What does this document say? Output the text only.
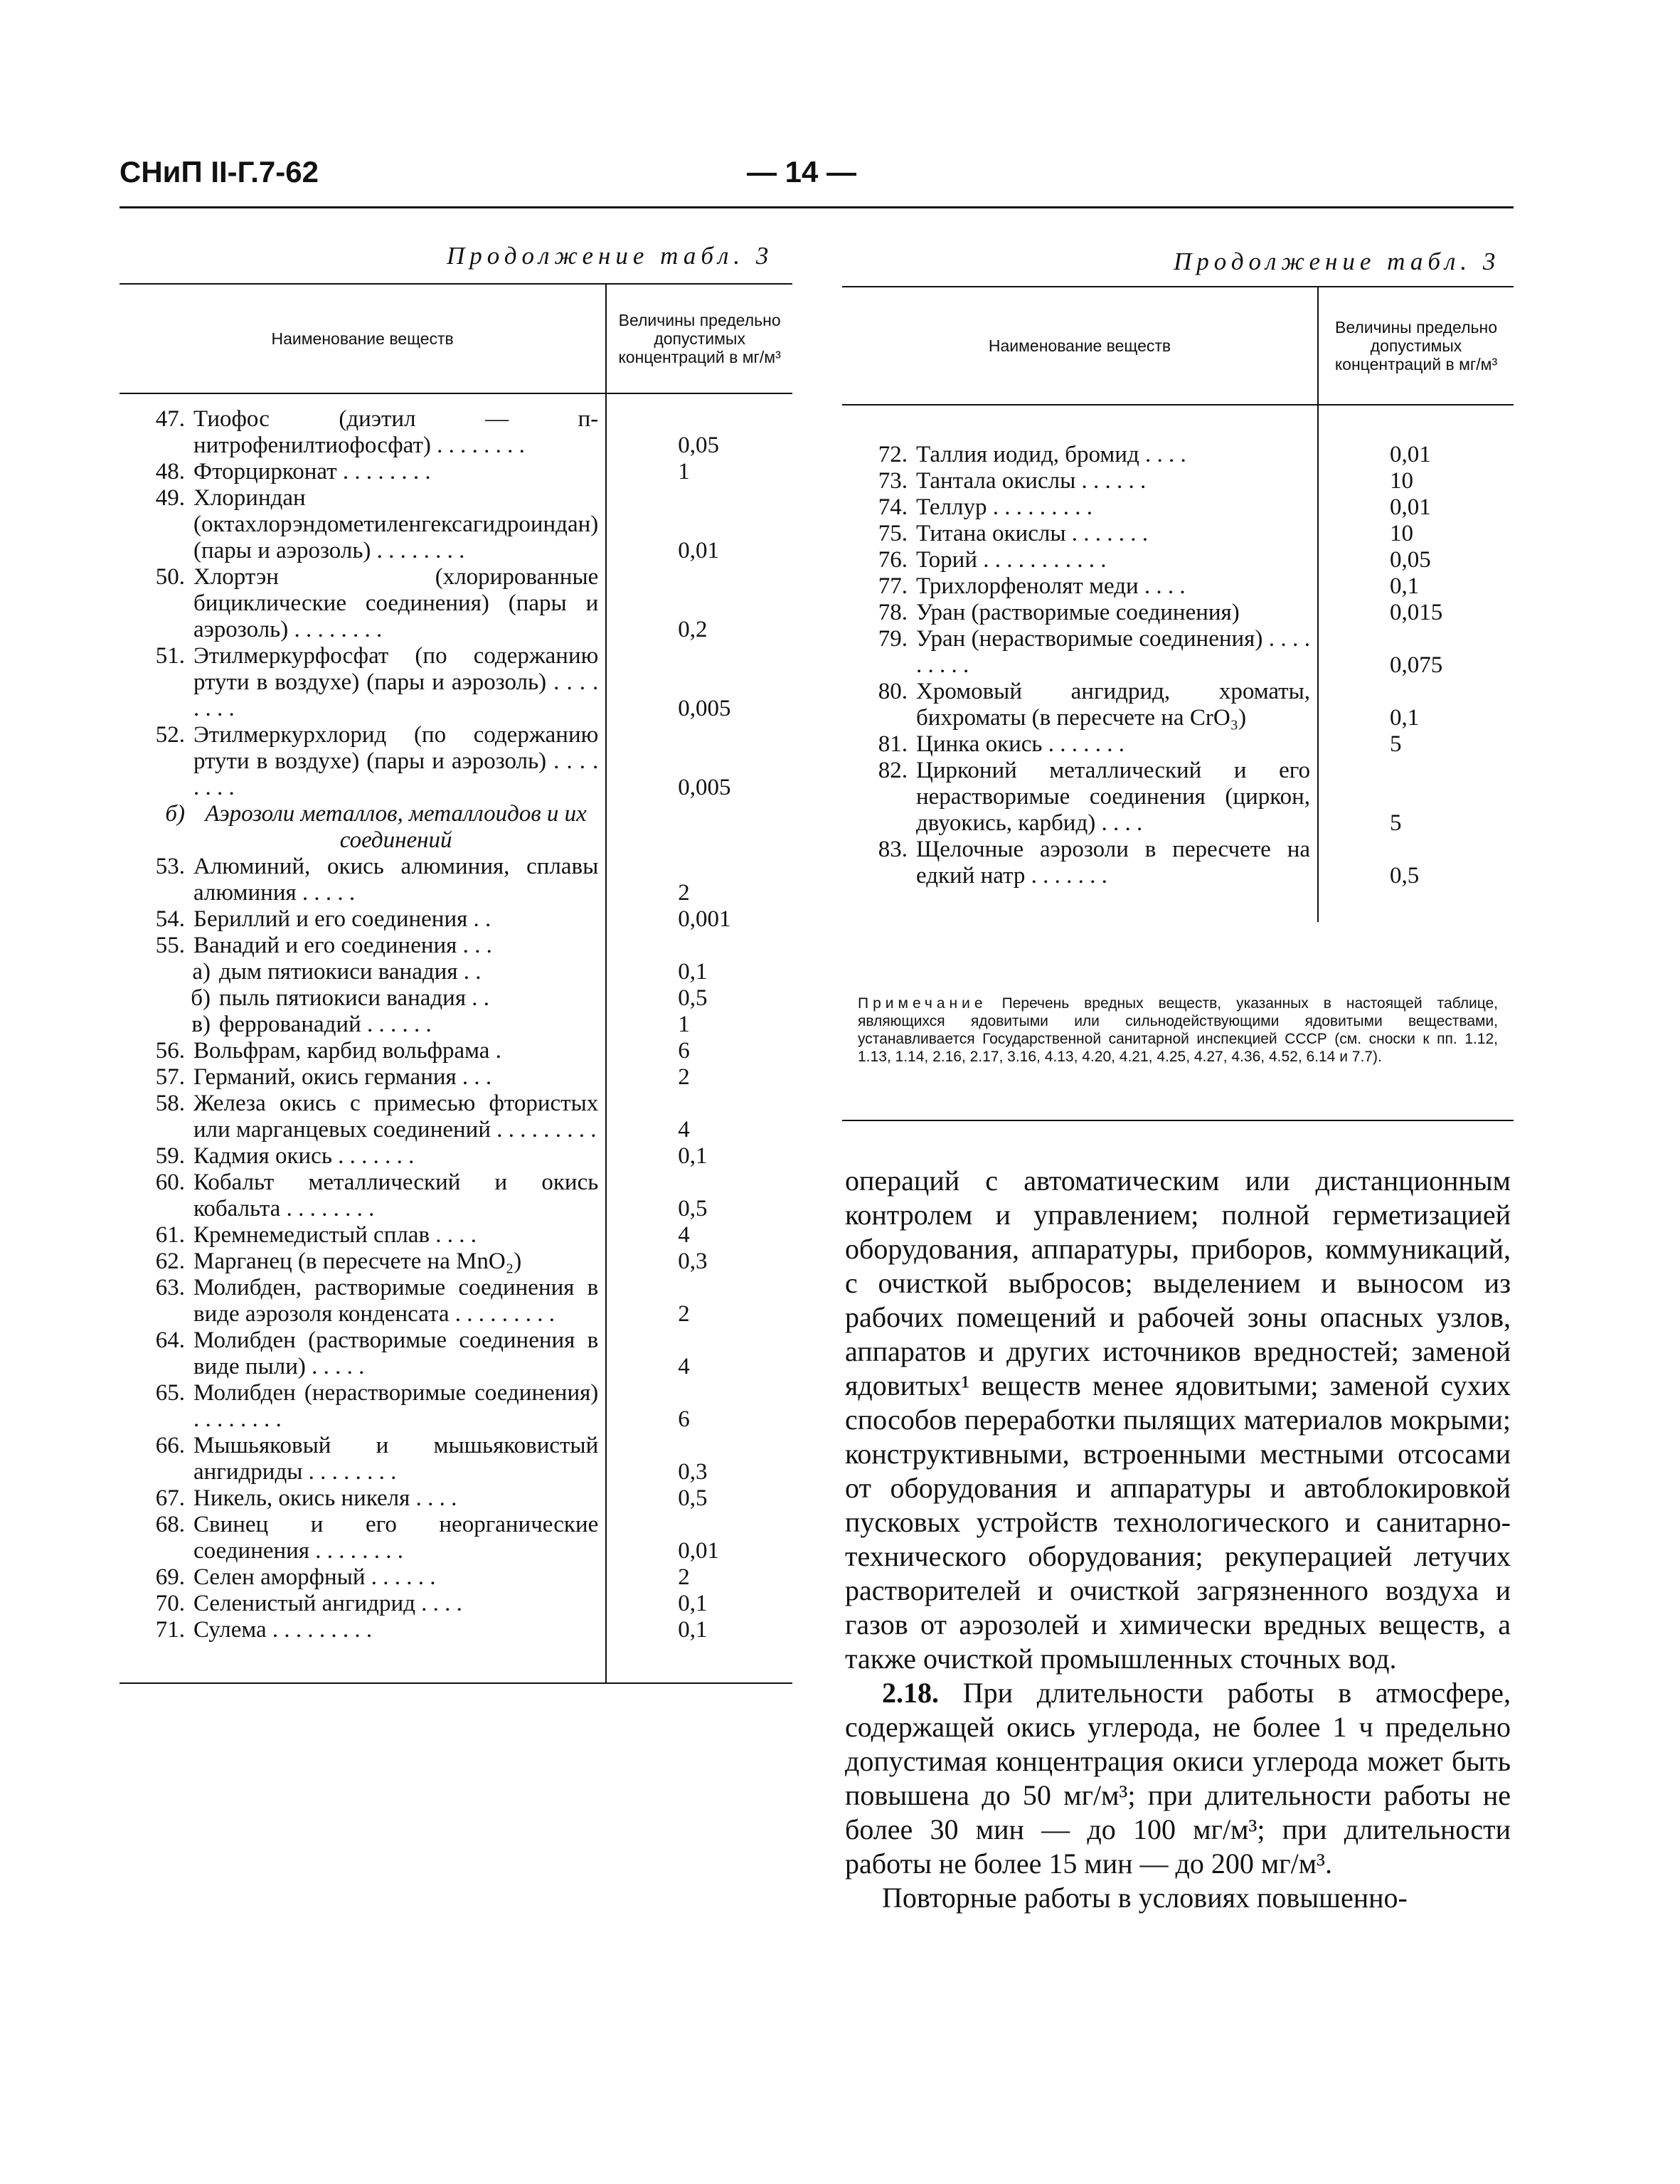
СНиП II-Г.7-62	— 14 —
Продолжение табл. 3	Продолжение табл. 3
Наименование веществ	Величины предельно допустимых концентраций в мг/м³

47. Тиофос (диэтил — п-нитрофенилтиофосфат) . . . . . . . .	0,05

48. Фторцирконат . . . . . . . .	1

49. Хлориндан (октахлорэндометиленгексагидроиндан) (пары и аэрозоль) . . . . . . . .	0,01

50. Хлортэн (хлорированные бициклические соединения) (пары и аэрозоль) . . . . . . . .	0,2

51. Этилмеркурфосфат (по содержанию ртути в воздухе) (пары и аэрозоль) . . . . . . . .	0,005

52. Этилмеркурхлорид (по содержанию ртути в воздухе) (пары и аэрозоль) . . . . . . . .	0,005

б) Аэрозоли металлов, металлоидов и их соединений	

53. Алюминий, окись алюминия, сплавы алюминия . . . . .	2

54. Бериллий и его соединения . .	0,001

55. Ванадий и его соединения . . .	

а) дым пятиокиси ванадия . .	0,1

б) пыль пятиокиси ванадия . .	0,5

в) феррованадий . . . . . .	1

56. Вольфрам, карбид вольфрама .	6

57. Германий, окись германия . . .	2

58. Железа окись с примесью фтористых или марганцевых соединений . . . . . . . . .	4

59. Кадмия окись . . . . . . .	0,1

60. Кобальт металлический и окись кобальта . . . . . . . .	0,5

61. Кремнемедистый сплав . . . .	4

62. Марганец (в пересчете на MnO₂)	0,3

63. Молибден, растворимые соединения в виде аэрозоля конденсата . . . . . . . . .	2

64. Молибден (растворимые соединения в виде пыли) . . . . .	4

65. Молибден (нерастворимые соединения) . . . . . . . .	6

66. Мышьяковый и мышьяковистый ангидриды . . . . . . . .	0,3

67. Никель, окись никеля . . . .	0,5

68. Свинец и его неорганические соединения . . . . . . . .	0,01

69. Селен аморфный . . . . . .	2

70. Селенистый ангидрид . . . .	0,1

71. Сулема . . . . . . . . .	0,1

Наименование веществ	Величины предельно допустимых концентраций в мг/м³

72. Таллия иодид, бромид . . . .	0,01

73. Тантала окислы . . . . . .	10

74. Теллур . . . . . . . . .	0,01

75. Титана окислы . . . . . . .	10

76. Торий . . . . . . . . . . .	0,05

77. Трихлорфенолят меди . . . .	0,1

78. Уран (растворимые соединения)	0,015

79. Уран (нерастворимые соединения) . . . . . . . . .	0,075

80. Хромовый ангидрид, хроматы, бихроматы (в пересчете на CrO₃)	0,1

81. Цинка окись . . . . . . .	5

82. Цирконий металлический и его нерастворимые соединения (циркон, двуокись, карбид) . . . .	5

83. Щелочные аэрозоли в пересчете на едкий натр . . . . . . .	0,5

Примечание Перечень вредных веществ, указанных в настоящей таблице, являющихся ядовитыми или сильнодействующими ядовитыми веществами, устанавливается Государственной санитарной инспекцией СССР (см. сноски к пп. 1.12, 1.13, 1.14, 2.16, 2.17, 3.16, 4.13, 4.20, 4.21, 4.25, 4.27, 4.36, 4.52, 6.14 и 7.7).

операций с автоматическим или дистанционным контролем и управлением; полной герметизацией оборудования, аппаратуры, приборов, коммуникаций, с очисткой выбросов; выделением и выносом из рабочих помещений и рабочей зоны опасных узлов, аппаратов и других источников вредностей; заменой ядовитых¹ веществ менее ядовитыми; заменой сухих способов переработки пылящих материалов мокрыми; конструктивными, встроенными местными отсосами от оборудования и аппаратуры и автоблокировкой пусковых устройств технологического и санитарно-технического оборудования; рекуперацией летучих растворителей и очисткой загрязненного воздуха и газов от аэрозолей и химически вредных веществ, а также очисткой промышленных сточных вод.

2.18. При длительности работы в атмосфере, содержащей окись углерода, не более 1 ч предельно допустимая концентрация окиси углерода может быть повышена до 50 мг/м³; при длительности работы не более 30 мин — до 100 мг/м³; при длительности работы не более 15 мин — до 200 мг/м³.

Повторные работы в условиях повышенно-
